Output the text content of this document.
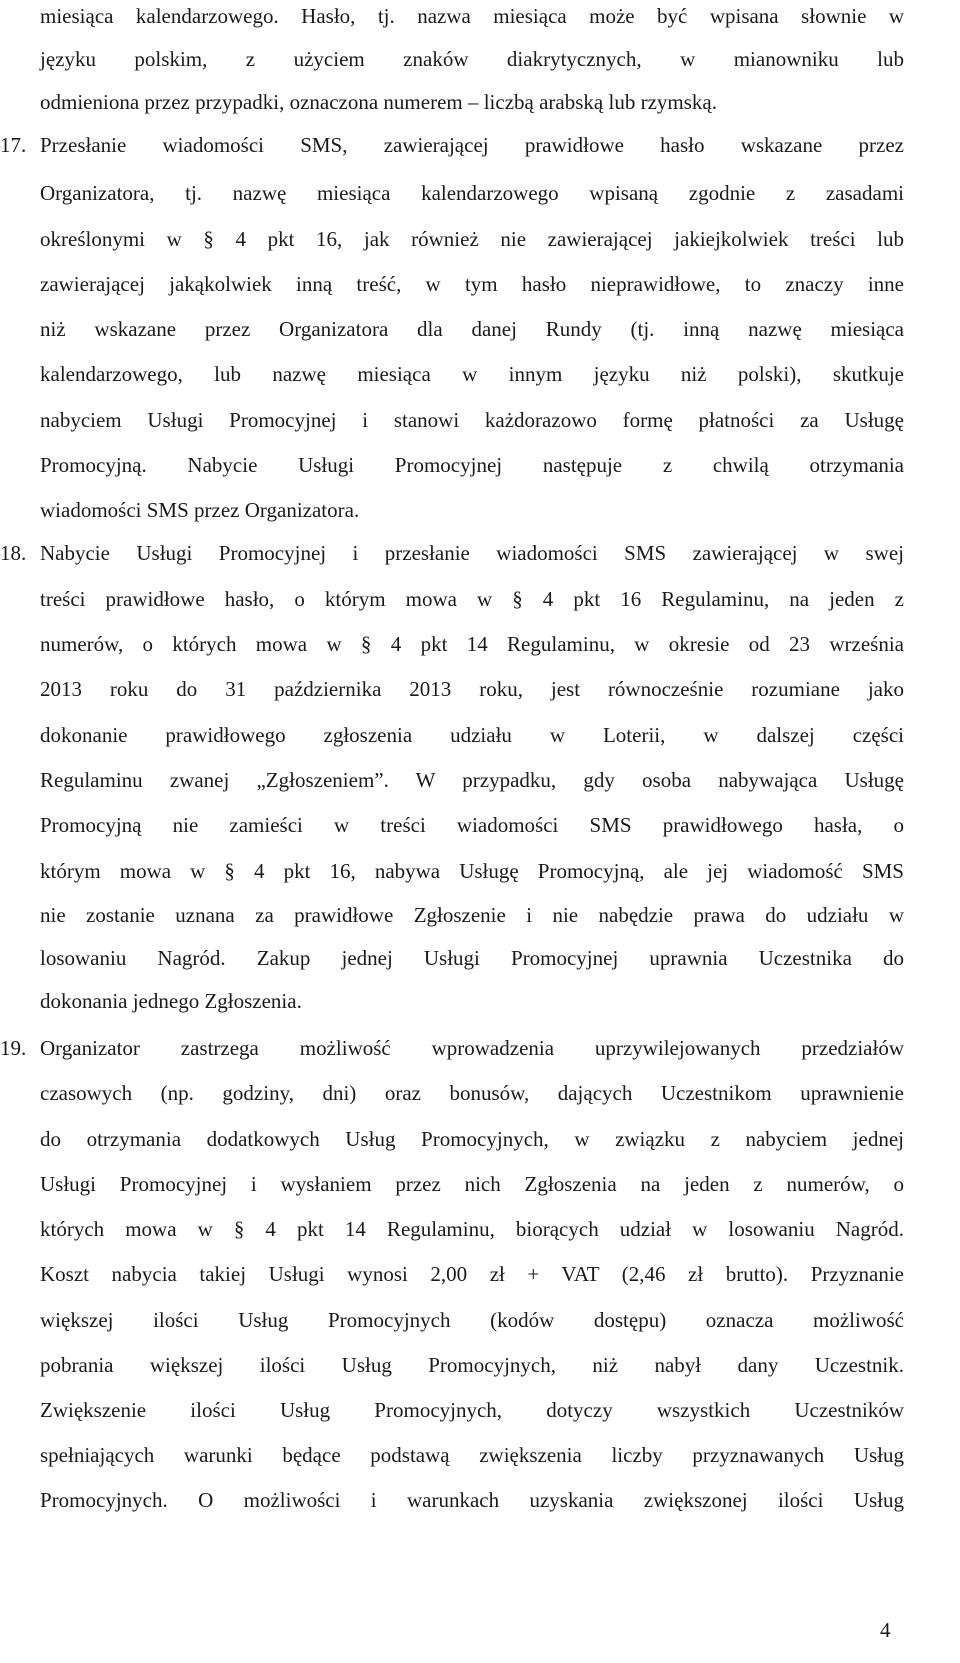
miesiąca kalendarzowego. Hasło, tj. nazwa miesiąca może być wpisana słownie w
języku polskim, z użyciem znaków diakrytycznych, w mianowniku lub
odmieniona przez przypadki, oznaczona numerem – liczbą arabską lub rzymską.
17. Przesłanie wiadomości SMS, zawierającej prawidłowe hasło wskazane przez
Organizatora, tj. nazwę miesiąca kalendarzowego wpisaną zgodnie z zasadami
określonymi w § 4 pkt 16, jak również nie zawierającej jakiejkolwiek treści lub
zawierającej jakąkolwiek inną treść, w tym hasło nieprawidłowe, to znaczy inne
niż wskazane przez Organizatora dla danej Rundy (tj. inną nazwę miesiąca
kalendarzowego, lub nazwę miesiąca w innym języku niż polski), skutkuje
nabyciem Usługi Promocyjnej i stanowi każdorazowo formę płatności za Usługę
Promocyjną. Nabycie Usługi Promocyjnej następuje z chwilą otrzymania
wiadomości SMS przez Organizatora.
18. Nabycie Usługi Promocyjnej i przesłanie wiadomości SMS zawierającej w swej
treści prawidłowe hasło, o którym mowa w § 4 pkt 16 Regulaminu, na jeden z
numerów, o których mowa w § 4 pkt 14 Regulaminu, w okresie od 23 września
2013 roku do 31 października 2013 roku, jest równocześnie rozumiane jako
dokonanie prawidłowego zgłoszenia udziału w Loterii, w dalszej części
Regulaminu zwanej „Zgłoszeniem”. W przypadku, gdy osoba nabywająca Usługę
Promocyjną nie zamieści w treści wiadomości SMS prawidłowego hasła, o
którym mowa w § 4 pkt 16, nabywa Usługę Promocyjną, ale jej wiadomość SMS
nie zostanie uznana za prawidłowe Zgłoszenie i nie nabędzie prawa do udziału w
losowaniu Nagród. Zakup jednej Usługi Promocyjnej uprawnia Uczestnika do
dokonania jednego Zgłoszenia.
19. Organizator zastrzega możliwość wprowadzenia uprzywilejowanych przedziałów
czasowych (np. godziny, dni) oraz bonusów, dających Uczestnikom uprawnienie
do otrzymania dodatkowych Usług Promocyjnych, w związku z nabyciem jednej
Usługi Promocyjnej i wysłaniem przez nich Zgłoszenia na jeden z numerów, o
których mowa w § 4 pkt 14 Regulaminu, biorących udział w losowaniu Nagród.
Koszt nabycia takiej Usługi wynosi 2,00 zł + VAT (2,46 zł brutto). Przyznanie
większej ilości Usług Promocyjnych (kodów dostępu) oznacza możliwość
pobrania większej ilości Usług Promocyjnych, niż nabył dany Uczestnik.
Zwiększenie ilości Usług Promocyjnych, dotyczy wszystkich Uczestników
spełniających warunki będące podstawą zwiększenia liczby przyznawanych Usług
Promocyjnych. O możliwości i warunkach uzyskania zwiększonej ilości Usług
4
